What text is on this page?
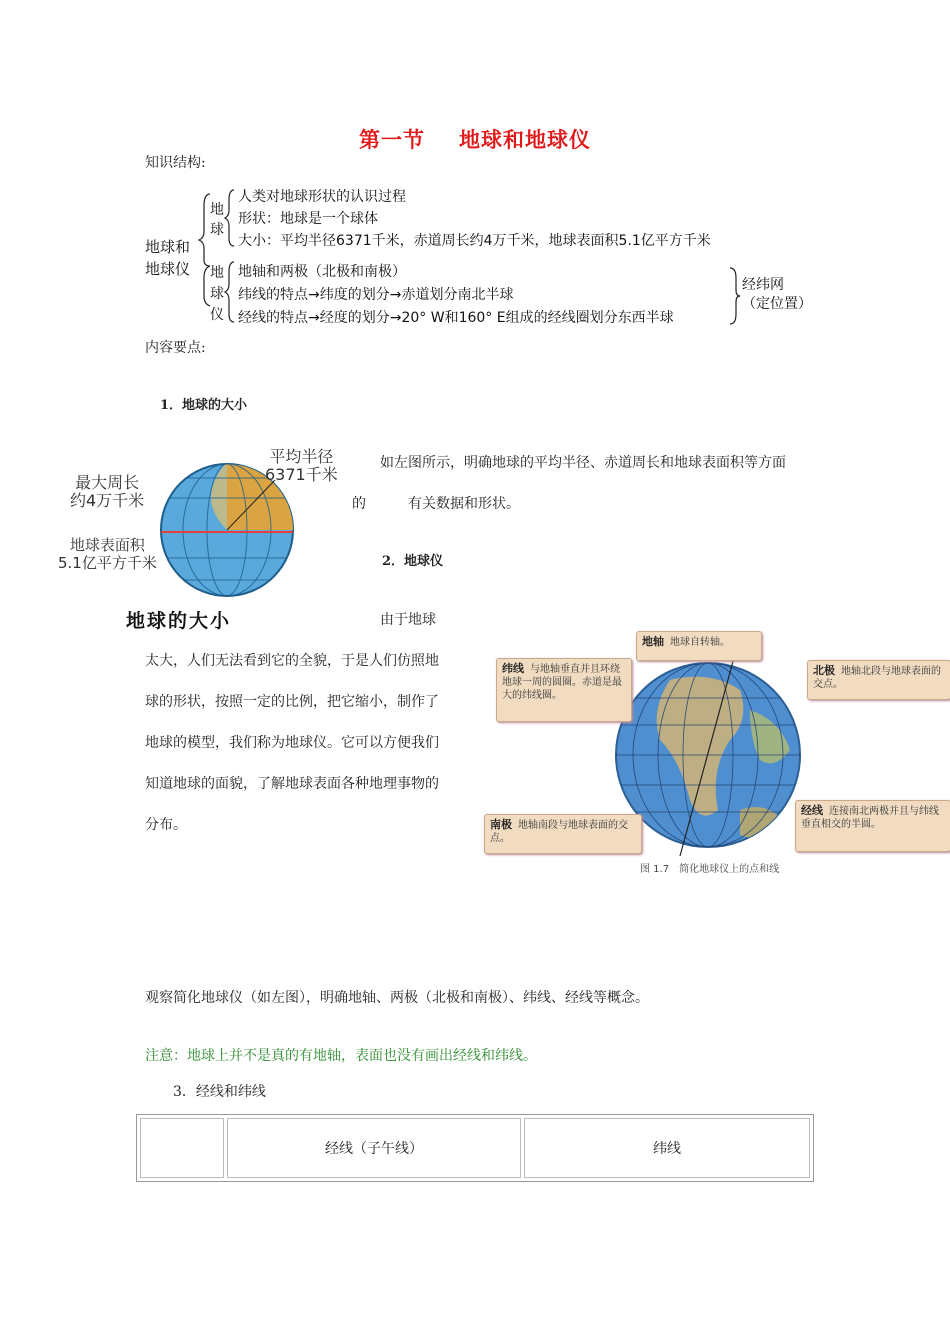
第一节 地球和地球仪
知识结构:
地球和
地球仪
地
球
人类对地球形状的认识过程
形状：地球是一个球体
大小：平均半径6371千米，赤道周长约4万千米，地球表面积5.1亿平方千米
地
球
仪
地轴和两极（北极和南极）
纬线的特点→纬度的划分→赤道划分南北半球
经线的特点→经度的划分→20° W和160° E组成的经线圈划分东西半球
经纬网
（定位置）
内容要点:
1．地球的大小
平均半径
6371千米
最大周长
约4万千米
地球表面积
5.1亿平方千米
地球的大小
如左图所示，明确地球的平均半径、赤道周长和地球表面积等方面
的	有关数据和形状。
2．地球仪
由于地球
太大，人们无法看到它的全貌，于是人们仿照地
球的形状，按照一定的比例，把它缩小，制作了
地球的模型，我们称为地球仪。它可以方便我们
知道地球的面貌，了解地球表面各种地理事物的
分布。
地轴 地球自转轴。
纬线 与地轴垂直并且环绕地球一周的圆圈。赤道是最大的纬线圈。
北极 地轴北段与地球表面的交点。
南极 地轴南段与地球表面的交点。
经线 连接南北两极并且与纬线垂直相交的半圆。
图 1.7　简化地球仪上的点和线
观察简化地球仪（如左图），明确地轴、两极（北极和南极）、纬线、经线等概念。
注意：地球上并不是真的有地轴，表面也没有画出经线和纬线。
3．经线和纬线
	经线（子午线）	纬线
